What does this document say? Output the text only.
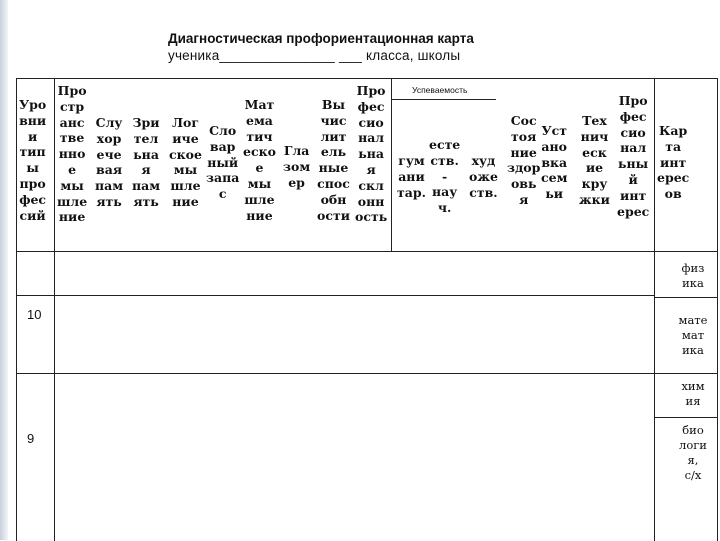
Диагностическая профориентационная карта
ученика_______________ ___ класса, школы
Уро
вни
и
тип
ы
про
фес
сий
Про
стр
анс
тве
нно
е
мы
шле
ние
Слу
хор
ече
вая
пам
ять
Зри
тел
ьна
я
пам
ять
Лог
иче
ское
мы
шле
ние
Сло
вар
ный
запа
с
Мат
ема
тич
еско
е
мы
шле
ние
Гла
зом
ер
Вы
чис
лит
ель
ные
спос
обн
ости
Про
фес
сио
нал
ьна
я
скл
онн
ость
Успеваемость
гум
ани
тар.
есте
ств.
-
нау
ч.
худ
оже
ств.
Сос
тоя
ние
здор
овь
я
Уст
ано
вка
сем
ьи
Тех
нич
еск
ие
кру
жки
Про
фес
сио
нал
ьны
й
инт
ерес
Кар
та
инт
ерес
ов
физ
ика
мате
мат
ика
хим
ия
био
логи
я,
с/х
10
9
